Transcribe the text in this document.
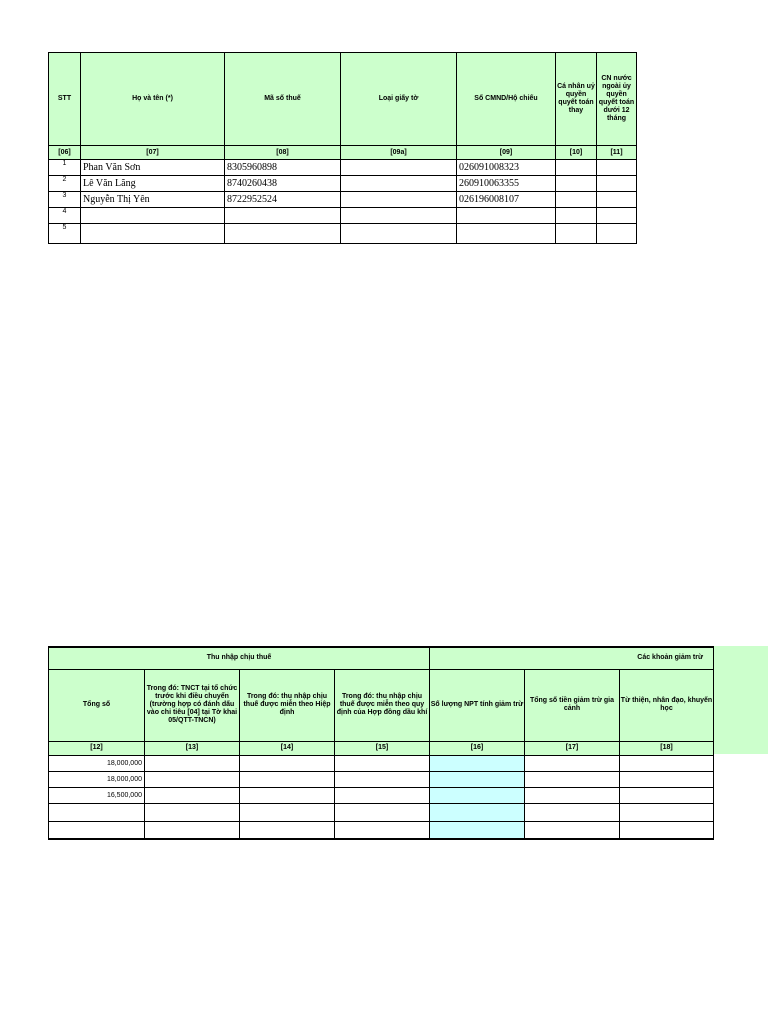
STT	Họ và tên (*)	Mã số thuế	Loại giấy tờ	Số CMND/Hộ chiếu	Cá nhân uỷ quyền quyết toán thay	CN nước ngoài ủy quyền quyết toán dưới 12 tháng
[06]	[07]	[08]	[09a]	[09]	[10]	[11]
1	Phan Văn Sơn	8305960898		026091008323		
2	Lê Văn Lãng	8740260438		260910063355		
3	Nguyễn Thị Yên	8722952524		026196008107		
4						
5						
Thu nhập chịu thuế				Các khoản giảm trừ		
Tổng số	Trong đó: TNCT tại tổ chức trước khi điều chuyển (trường hợp có đánh dấu vào chỉ tiêu [04] tại Tờ khai 05/QTT-TNCN)	Trong đó: thu nhập chịu thuế được miễn theo Hiệp định	Trong đó: thu nhập chịu thuế được miễn theo quy định của Hợp đồng dầu khí	Số lượng NPT tính giảm trừ	Tổng số tiền giảm trừ gia cảnh	Từ thiện, nhân đạo, khuyến học
[12]	[13]	[14]	[15]	[16]	[17]	[18]
18,000,000						
18,000,000						
16,500,000						
